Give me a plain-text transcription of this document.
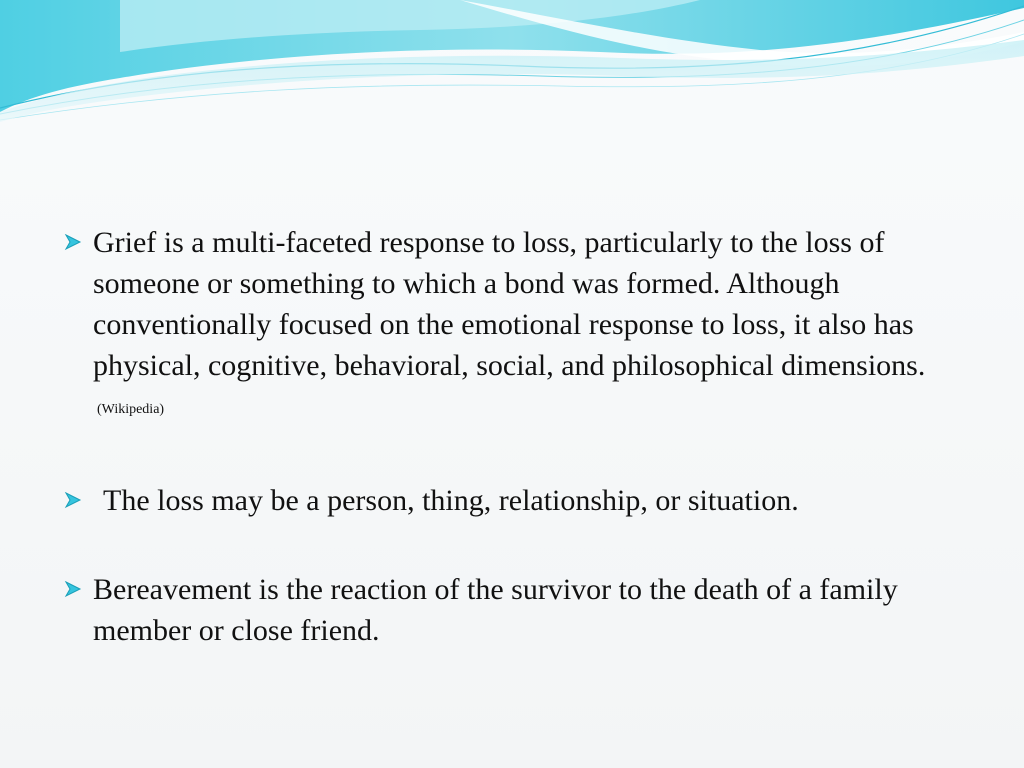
Grief is a multi-faceted response to loss, particularly to the loss of someone or something to which a bond was formed. Although conventionally focused on the emotional response to loss, it also has physical, cognitive, behavioral, social, and philosophical dimensions. (Wikipedia)
The loss may be a person, thing, relationship, or situation.
Bereavement is the reaction of the survivor to the death of a family member or close friend.
